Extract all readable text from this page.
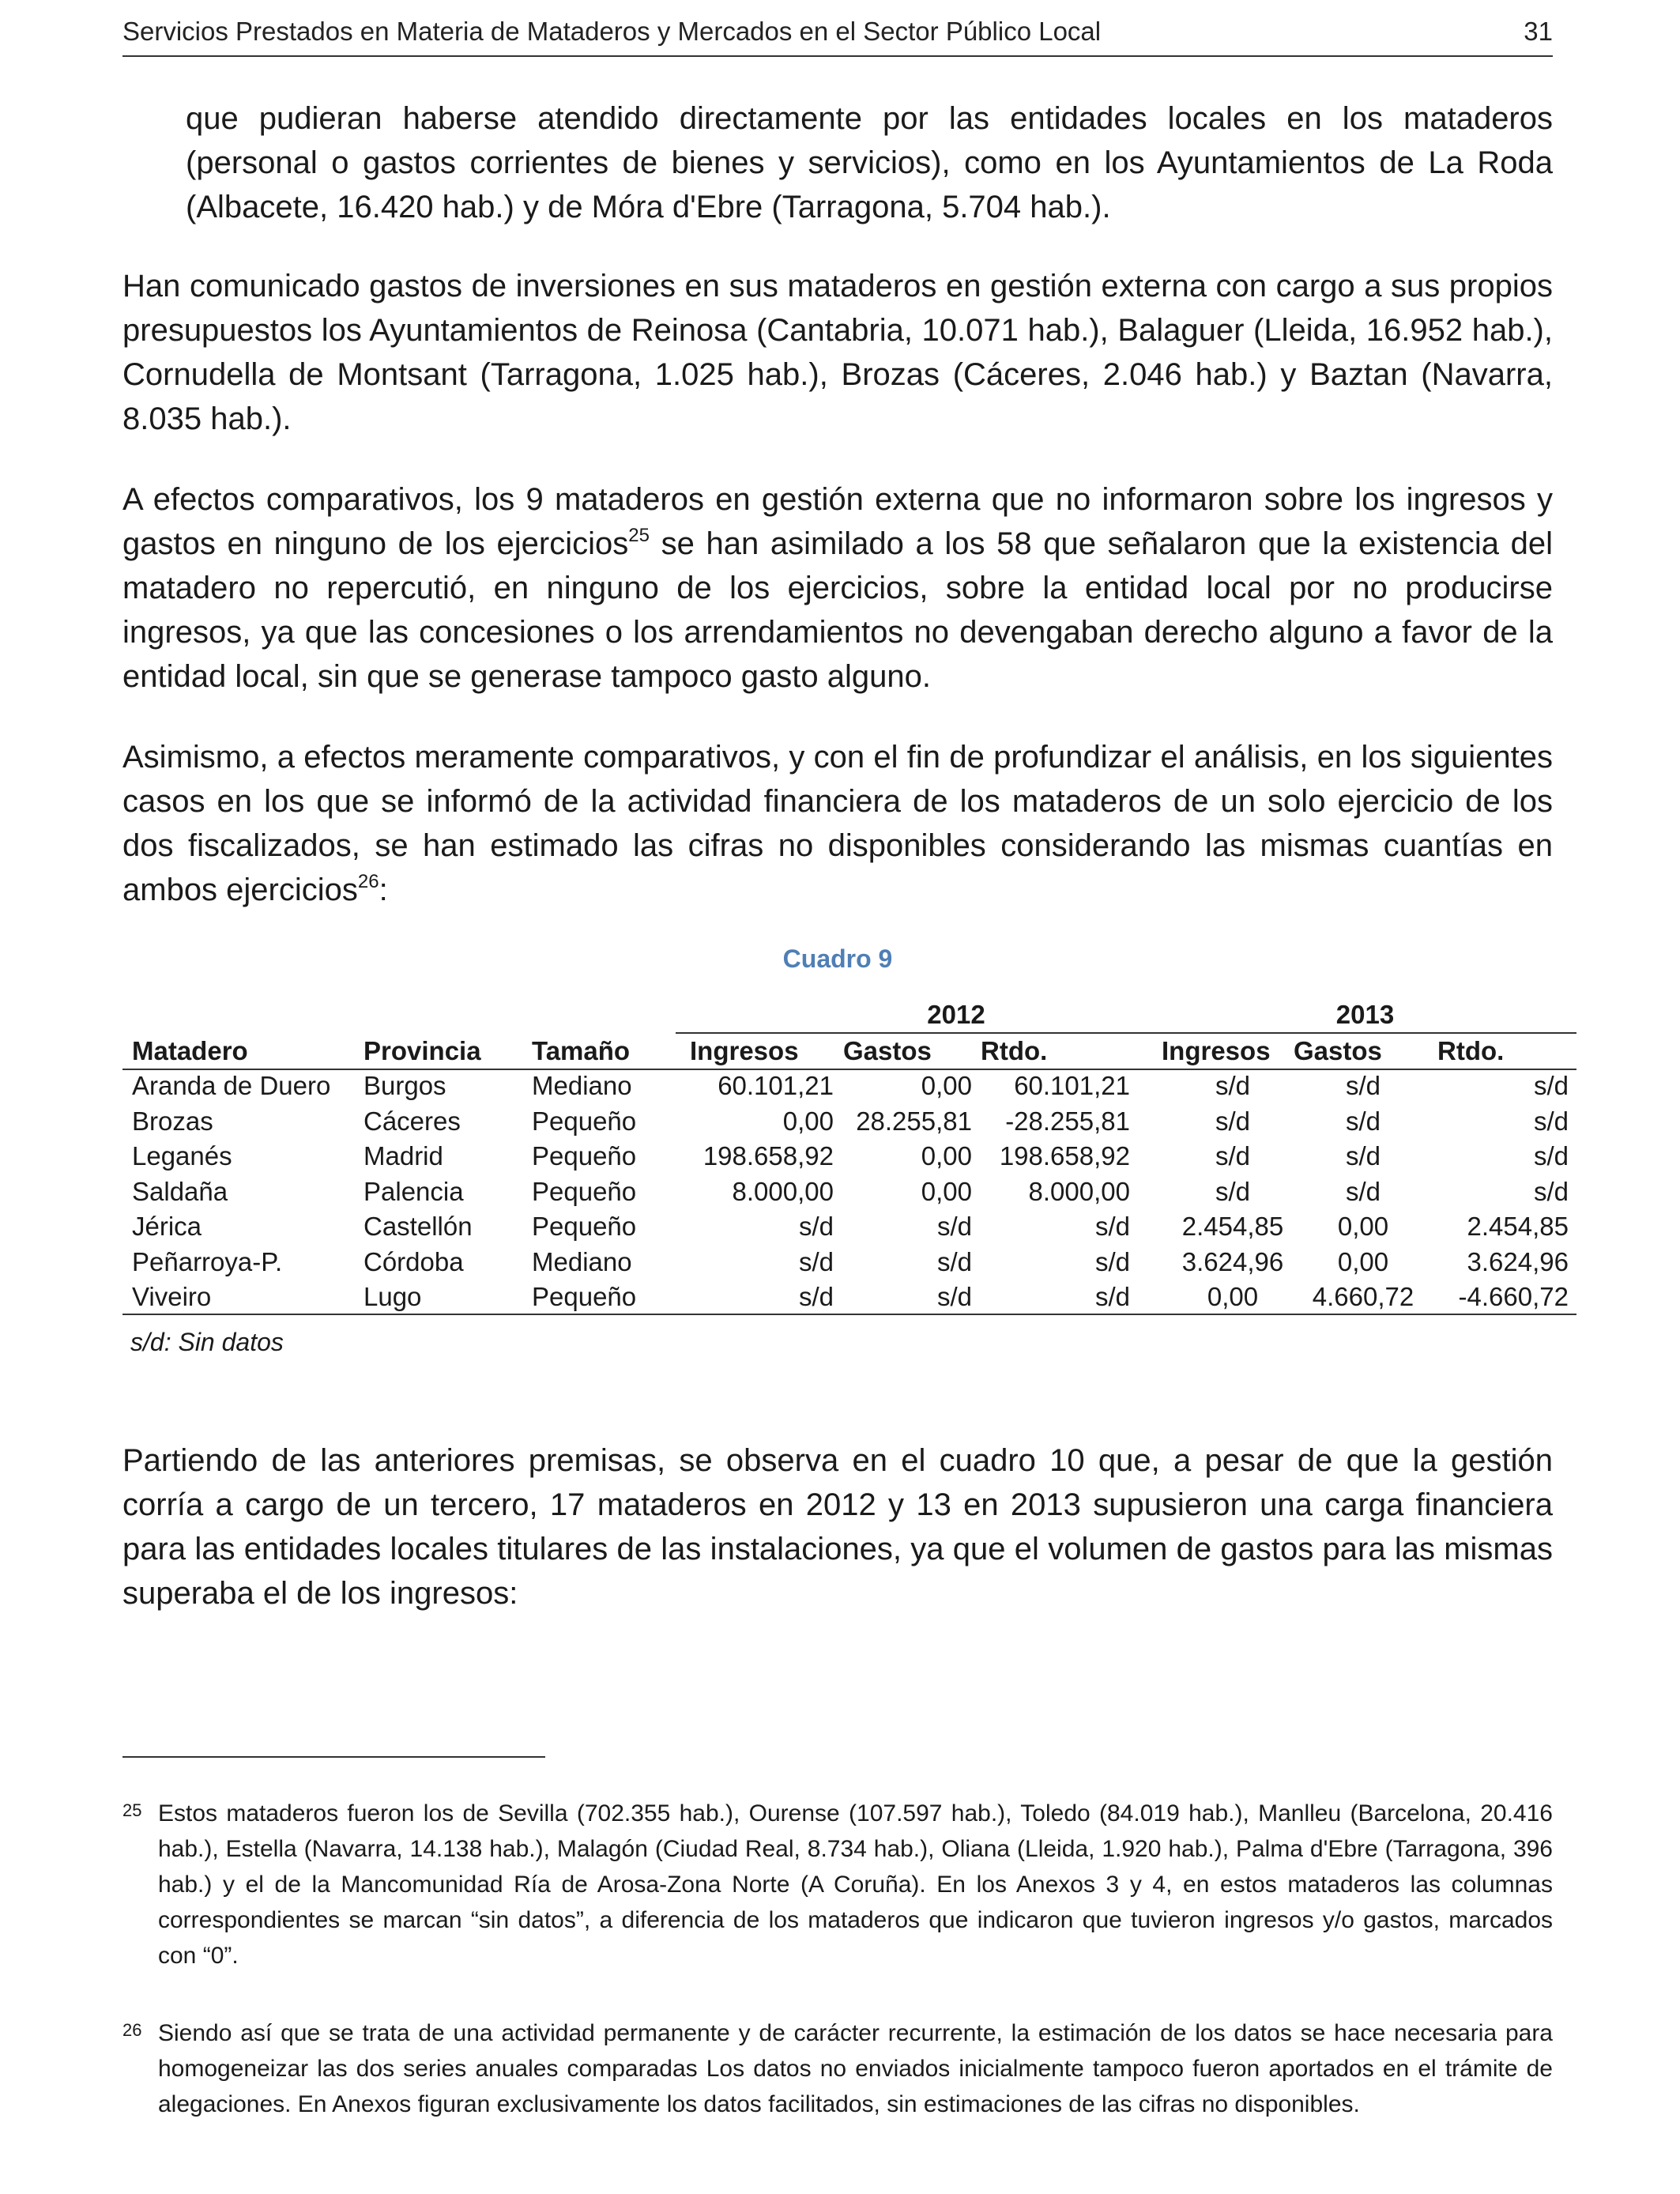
Servicios Prestados en Materia de Mataderos y Mercados en el Sector Público Local	31
que pudieran haberse atendido directamente por las entidades locales en los mataderos (personal o gastos corrientes de bienes y servicios), como en los Ayuntamientos de La Roda (Albacete, 16.420 hab.) y de Móra d'Ebre (Tarragona, 5.704 hab.).
Han comunicado gastos de inversiones en sus mataderos en gestión externa con cargo a sus propios presupuestos los Ayuntamientos de Reinosa (Cantabria, 10.071 hab.), Balaguer (Lleida, 16.952 hab.), Cornudella de Montsant (Tarragona, 1.025 hab.), Brozas (Cáceres, 2.046 hab.) y Baztan (Navarra, 8.035 hab.).
A efectos comparativos, los 9 mataderos en gestión externa que no informaron sobre los ingresos y gastos en ninguno de los ejercicios$^{25}$ se han asimilado a los 58 que señalaron que la existencia del matadero no repercutió, en ninguno de los ejercicios, sobre la entidad local por no producirse ingresos, ya que las concesiones o los arrendamientos no devengaban derecho alguno a favor de la entidad local, sin que se generase tampoco gasto alguno.
Asimismo, a efectos meramente comparativos, y con el fin de profundizar el análisis, en los siguientes casos en los que se informó de la actividad financiera de los mataderos de un solo ejercicio de los dos fiscalizados, se han estimado las cifras no disponibles considerando las mismas cuantías en ambos ejercicios$^{26}$:
Cuadro 9
2012	2013
Matadero	Provincia Tamaño Ingresos Gastos Rtdo.	Ingresos Gastos Rtdo.
Aranda de Duero	Burgos	Mediano	60.101,21	0,00	60.101,21	s/d	s/d	s/d
Brozas	Cáceres	Pequeño	0,00 28.255,81	-28.255,81	s/d	s/d	s/d
Leganés	Madrid	Pequeño	198.658,92	0,00	198.658,92	s/d	s/d	s/d
Saldaña	Palencia	Pequeño	8.000,00	0,00	8.000,00	s/d	s/d	s/d
Jérica	Castellón	Pequeño	s/d	s/d	s/d	2.454,85	0,00	2.454,85
Peñarroya-P.	Córdoba	Mediano	s/d	s/d	s/d	3.624,96	0,00	3.624,96
Viveiro	Lugo	Pequeño	s/d	s/d	s/d	0,00	4.660,72	-4.660,72
s/d: Sin datos
Partiendo de las anteriores premisas, se observa en el cuadro 10 que, a pesar de que la gestión corría a cargo de un tercero, 17 mataderos en 2012 y 13 en 2013 supusieron una carga financiera para las entidades locales titulares de las instalaciones, ya que el volumen de gastos para las mismas superaba el de los ingresos:
25 Estos mataderos fueron los de Sevilla (702.355 hab.), Ourense (107.597 hab.), Toledo (84.019 hab.), Manlleu (Barcelona, 20.416 hab.), Estella (Navarra, 14.138 hab.), Malagón (Ciudad Real, 8.734 hab.), Oliana (Lleida, 1.920 hab.), Palma d'Ebre (Tarragona, 396 hab.) y el de la Mancomunidad Ría de Arosa-Zona Norte (A Coruña). En los Anexos 3 y 4, en estos mataderos las columnas correspondientes se marcan “sin datos”, a diferencia de los mataderos que indicaron que tuvieron ingresos y/o gastos, marcados con “0”.
26 Siendo así que se trata de una actividad permanente y de carácter recurrente, la estimación de los datos se hace necesaria para homogeneizar las dos series anuales comparadas Los datos no enviados inicialmente tampoco fueron aportados en el trámite de alegaciones. En Anexos figuran exclusivamente los datos facilitados, sin estimaciones de las cifras no disponibles.
